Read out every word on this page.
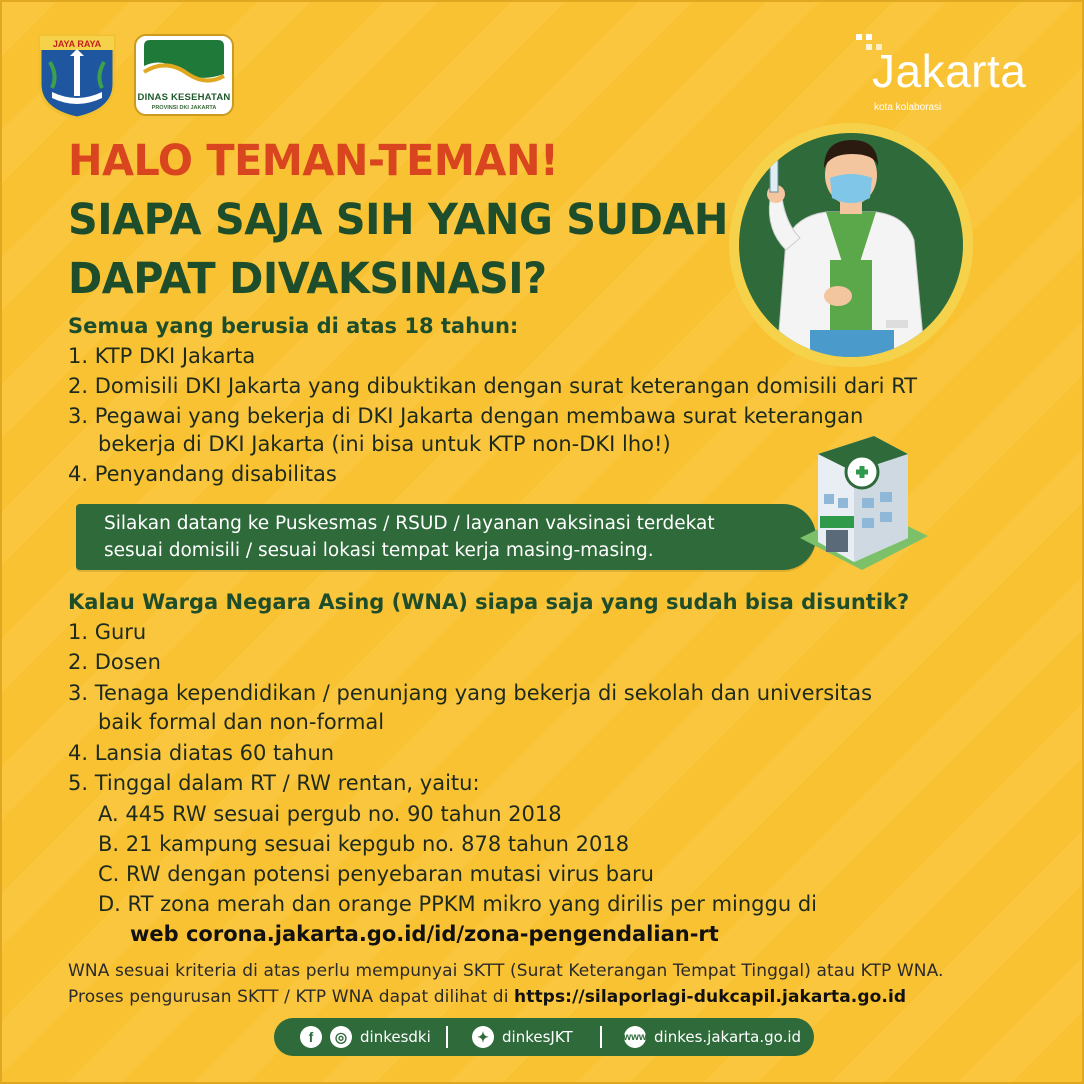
JAYA RAYA
DINAS KESEHATAN
PROVINSI DKI JAKARTA
Jakarta
kota kolaborasi
HALO TEMAN-TEMAN!
SIAPA SAJA SIH YANG SUDAH
DAPAT DIVAKSINASI?
Semua yang berusia di atas 18 tahun:
1. KTP DKI Jakarta
2. Domisili DKI Jakarta yang dibuktikan dengan surat keterangan domisili dari RT
3. Pegawai yang bekerja di DKI Jakarta dengan membawa surat keterangan
bekerja di DKI Jakarta (ini bisa untuk KTP non-DKI lho!)
4. Penyandang disabilitas
Silakan datang ke Puskesmas / RSUD / layanan vaksinasi terdekat
sesuai domisili / sesuai lokasi tempat kerja masing-masing.
Kalau Warga Negara Asing (WNA) siapa saja yang sudah bisa disuntik?
1. Guru
2. Dosen
3. Tenaga kependidikan / penunjang yang bekerja di sekolah dan universitas
baik formal dan non-formal
4. Lansia diatas 60 tahun
5. Tinggal dalam RT / RW rentan, yaitu:
A. 445 RW sesuai pergub no. 90 tahun 2018
B. 21 kampung sesuai kepgub no. 878 tahun 2018
C. RW dengan potensi penyebaran mutasi virus baru
D. RT zona merah dan orange PPKM mikro yang dirilis per minggu di
web corona.jakarta.go.id/id/zona-pengendalian-rt
WNA sesuai kriteria di atas perlu mempunyai SKTT (Surat Keterangan Tempat Tinggal) atau KTP WNA.
Proses pengurusan SKTT / KTP WNA dapat dilihat di https://silaporlagi-dukcapil.jakarta.go.id
f	◎ dinkesdki	✦ dinkesJKT	www dinkes.jakarta.go.id
